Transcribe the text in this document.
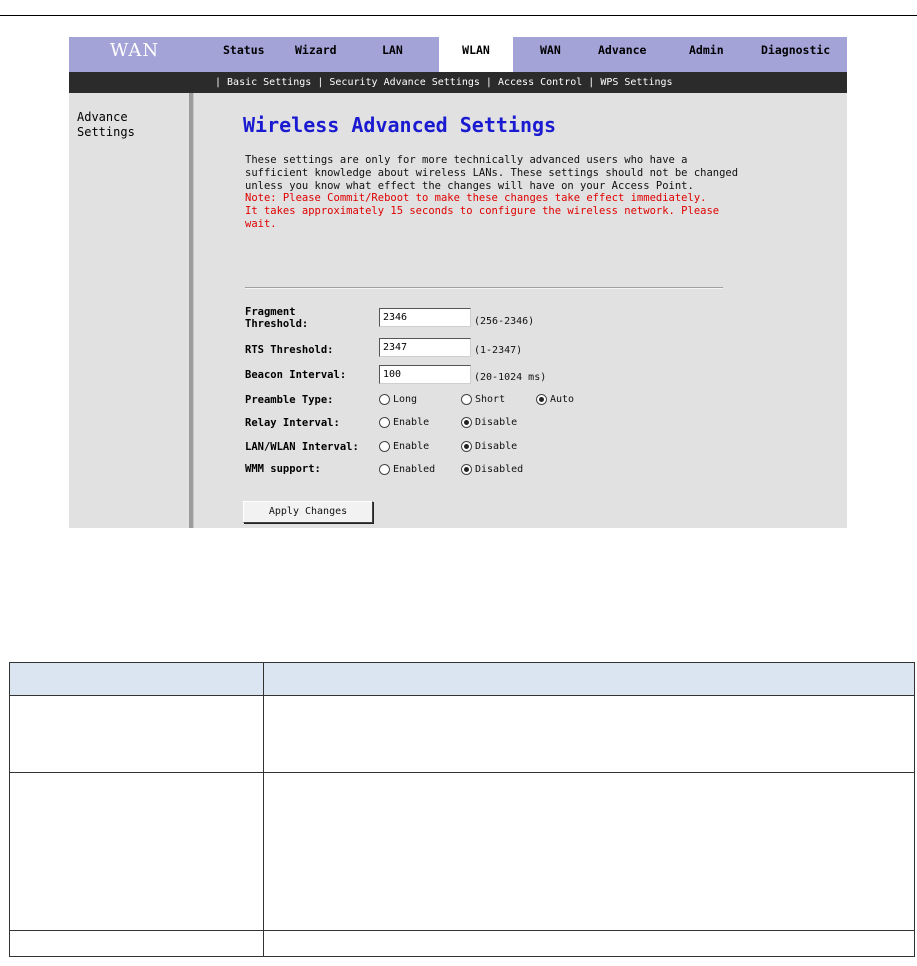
WAN	Status	Wizard	LAN	WLAN	WAN	Advance	Admin	Diagnostic
| Basic Settings | Security Advance Settings | Access Control | WPS Settings
Advance Settings	Wireless Advanced Settings
These settings are only for more technically advanced users who have a sufficient knowledge about wireless LANs. These settings should not be changed unless you know what effect the changes will have on your Access Point.
Note: Please Commit/Reboot to make these changes take effect immediately.
It takes approximately 15 seconds to configure the wireless network. Please wait.
Fragment Threshold:
2346	(256-2346)
RTS Threshold:	2347	(1-2347)
Beacon Interval:	100	(20-1024 ms)
Preamble Type:	Long	Short	Auto
Relay Interval:	Enable	Disable
LAN/WLAN Interval:	Enable	Disable
WMM support:	Enabled	Disabled
Apply Changes
